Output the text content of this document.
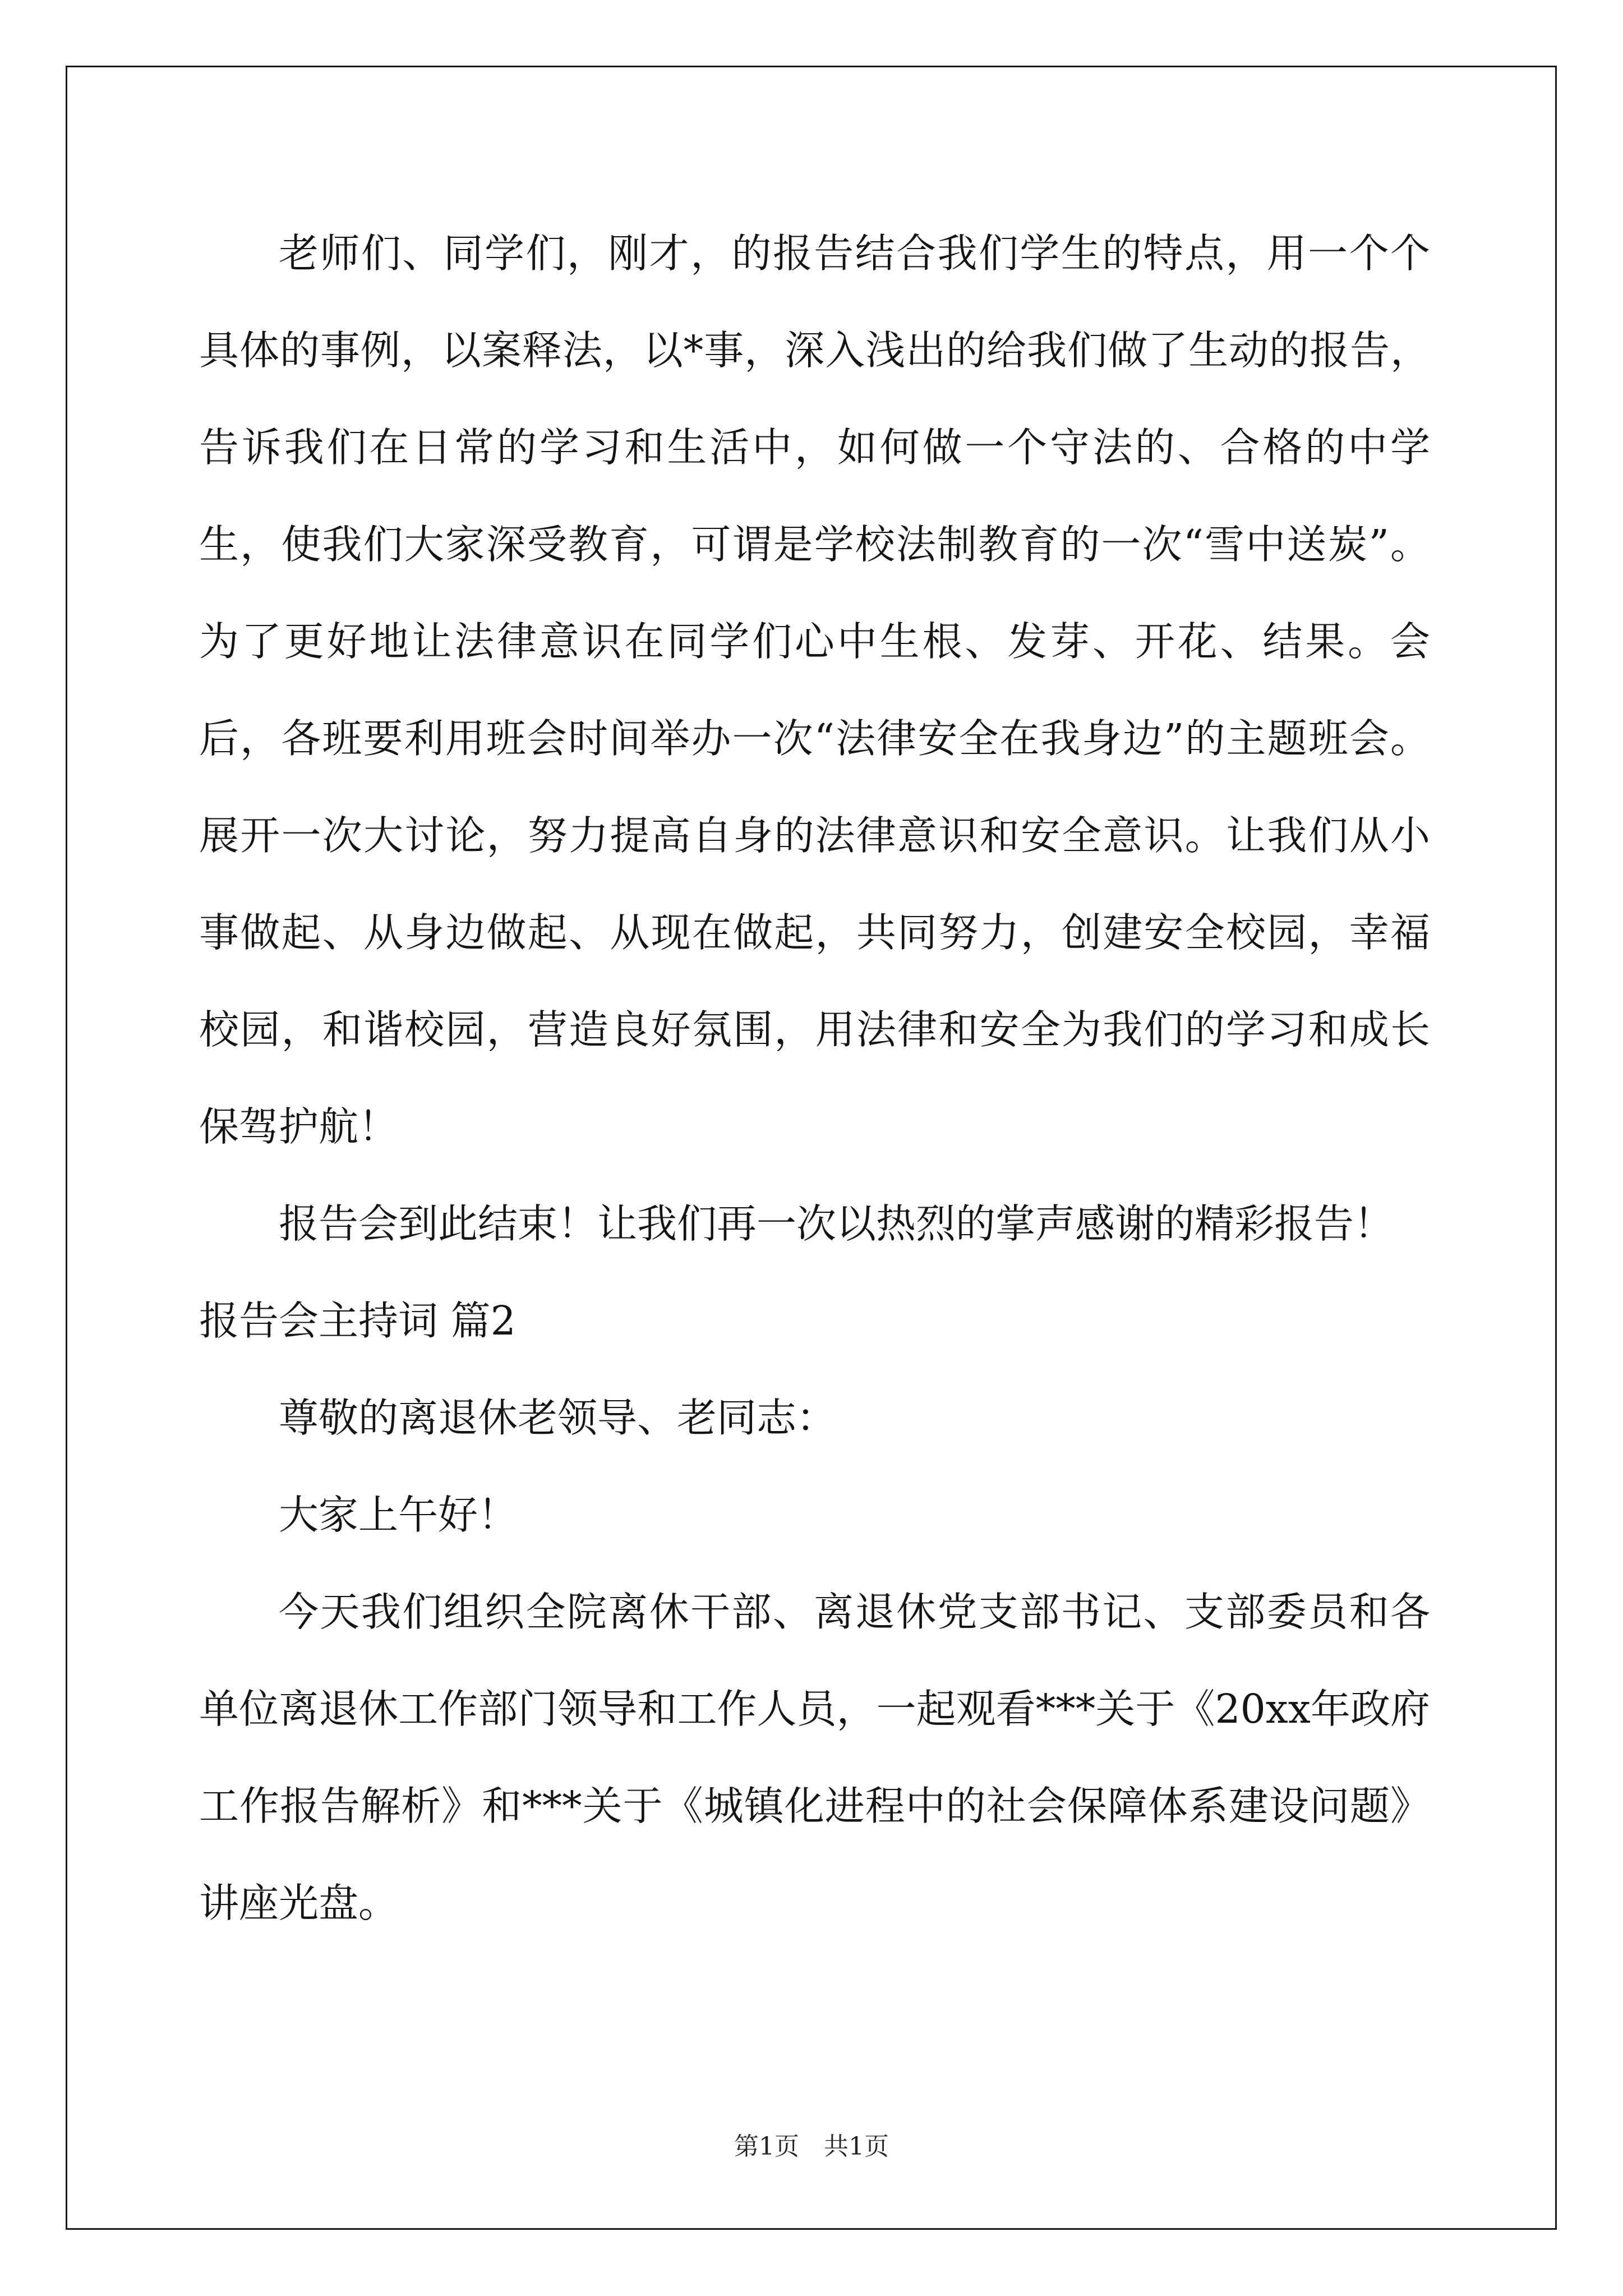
老师们、同学们，刚才，的报告结合我们学生的特点，用一个个具体的事例，以案释法，以*事，深入浅出的给我们做了生动的报告，告诉我们在日常的学习和生活中，如何做一个守法的、合格的中学生，使我们大家深受教育，可谓是学校法制教育的一次“雪中送炭”。为了更好地让法律意识在同学们心中生根、发芽、开花、结果。会后，各班要利用班会时间举办一次“法律安全在我身边”的主题班会。展开一次大讨论，努力提高自身的法律意识和安全意识。让我们从小事做起、从身边做起、从现在做起，共同努力，创建安全校园，幸福校园，和谐校园，营造良好氛围，用法律和安全为我们的学习和成长保驾护航！

报告会到此结束！让我们再一次以热烈的掌声感谢的精彩报告！

报告会主持词 篇2

尊敬的离退休老领导、老同志：

大家上午好！

今天我们组织全院离休干部、离退休党支部书记、支部委员和各单位离退休工作部门领导和工作人员，一起观看***关于《20xx年政府工作报告解析》和***关于《城镇化进程中的社会保障体系建设问题》讲座光盘。

第1页 共1页
